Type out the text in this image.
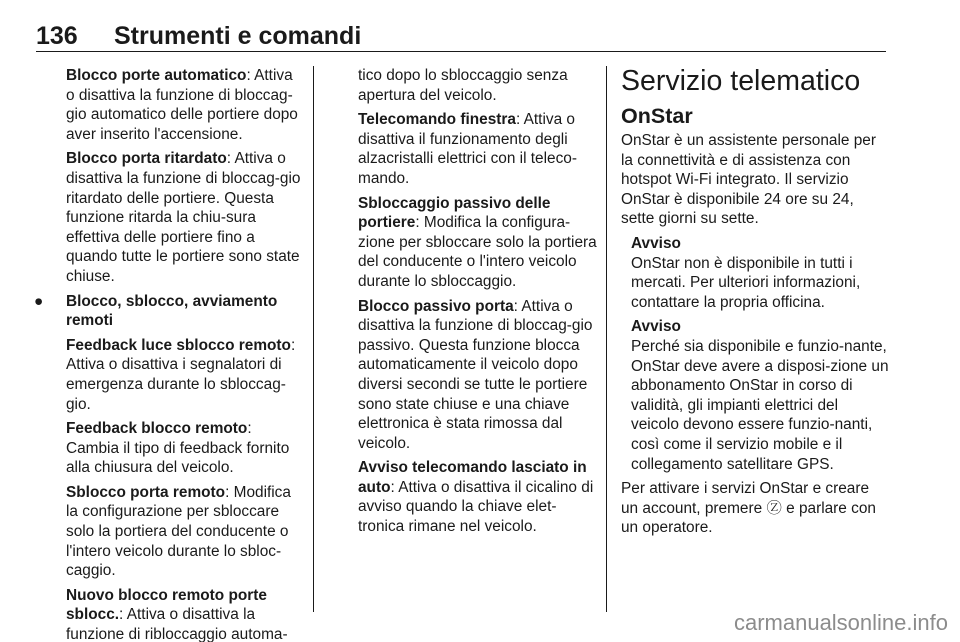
136 Strumenti e comandi

Blocco porte automatico: Attiva o disattiva la funzione di bloccag-gio automatico delle portiere dopo aver inserito l'accensione.

Blocco porta ritardato: Attiva o disattiva la funzione di bloccag-gio ritardato delle portiere. Questa funzione ritarda la chiu-sura effettiva delle portiere fino a quando tutte le portiere sono state chiuse.

● Blocco, sblocco, avviamento remoti

Feedback luce sblocco remoto: Attiva o disattiva i segnalatori di emergenza durante lo sbloccag-gio.

Feedback blocco remoto: Cambia il tipo di feedback fornito alla chiusura del veicolo.

Sblocco porta remoto: Modifica la configurazione per sbloccare solo la portiera del conducente o l'intero veicolo durante lo sbloc-caggio.

Nuovo blocco remoto porte sblocc.: Attiva o disattiva la funzione di ribloccaggio automa-

tico dopo lo sbloccaggio senza apertura del veicolo.

Telecomando finestra: Attiva o disattiva il funzionamento degli alzacristalli elettrici con il teleco-mando.

Sbloccaggio passivo delle portiere: Modifica la configura-zione per sbloccare solo la portiera del conducente o l'intero veicolo durante lo sbloccaggio.

Blocco passivo porta: Attiva o disattiva la funzione di bloccag-gio passivo. Questa funzione blocca automaticamente il veicolo dopo diversi secondi se tutte le portiere sono state chiuse e una chiave elettronica è stata rimossa dal veicolo.

Avviso telecomando lasciato in auto: Attiva o disattiva il cicalino di avviso quando la chiave elet-tronica rimane nel veicolo.

Servizio telematico
OnStar

OnStar è un assistente personale per la connettività e di assistenza con hotspot Wi-Fi integrato. Il servizio OnStar è disponibile 24 ore su 24, sette giorni su sette.

Avviso
OnStar non è disponibile in tutti i mercati. Per ulteriori informazioni, contattare la propria officina.

Avviso
Perché sia disponibile e funzio-nante, OnStar deve avere a disposi-zione un abbonamento OnStar in corso di validità, gli impianti elettrici del veicolo devono essere funzio-nanti, così come il servizio mobile e il collegamento satellitare GPS.

Per attivare i servizi OnStar e creare un account, premere Ⓩ e parlare con un operatore.

carmanualsonline.info
